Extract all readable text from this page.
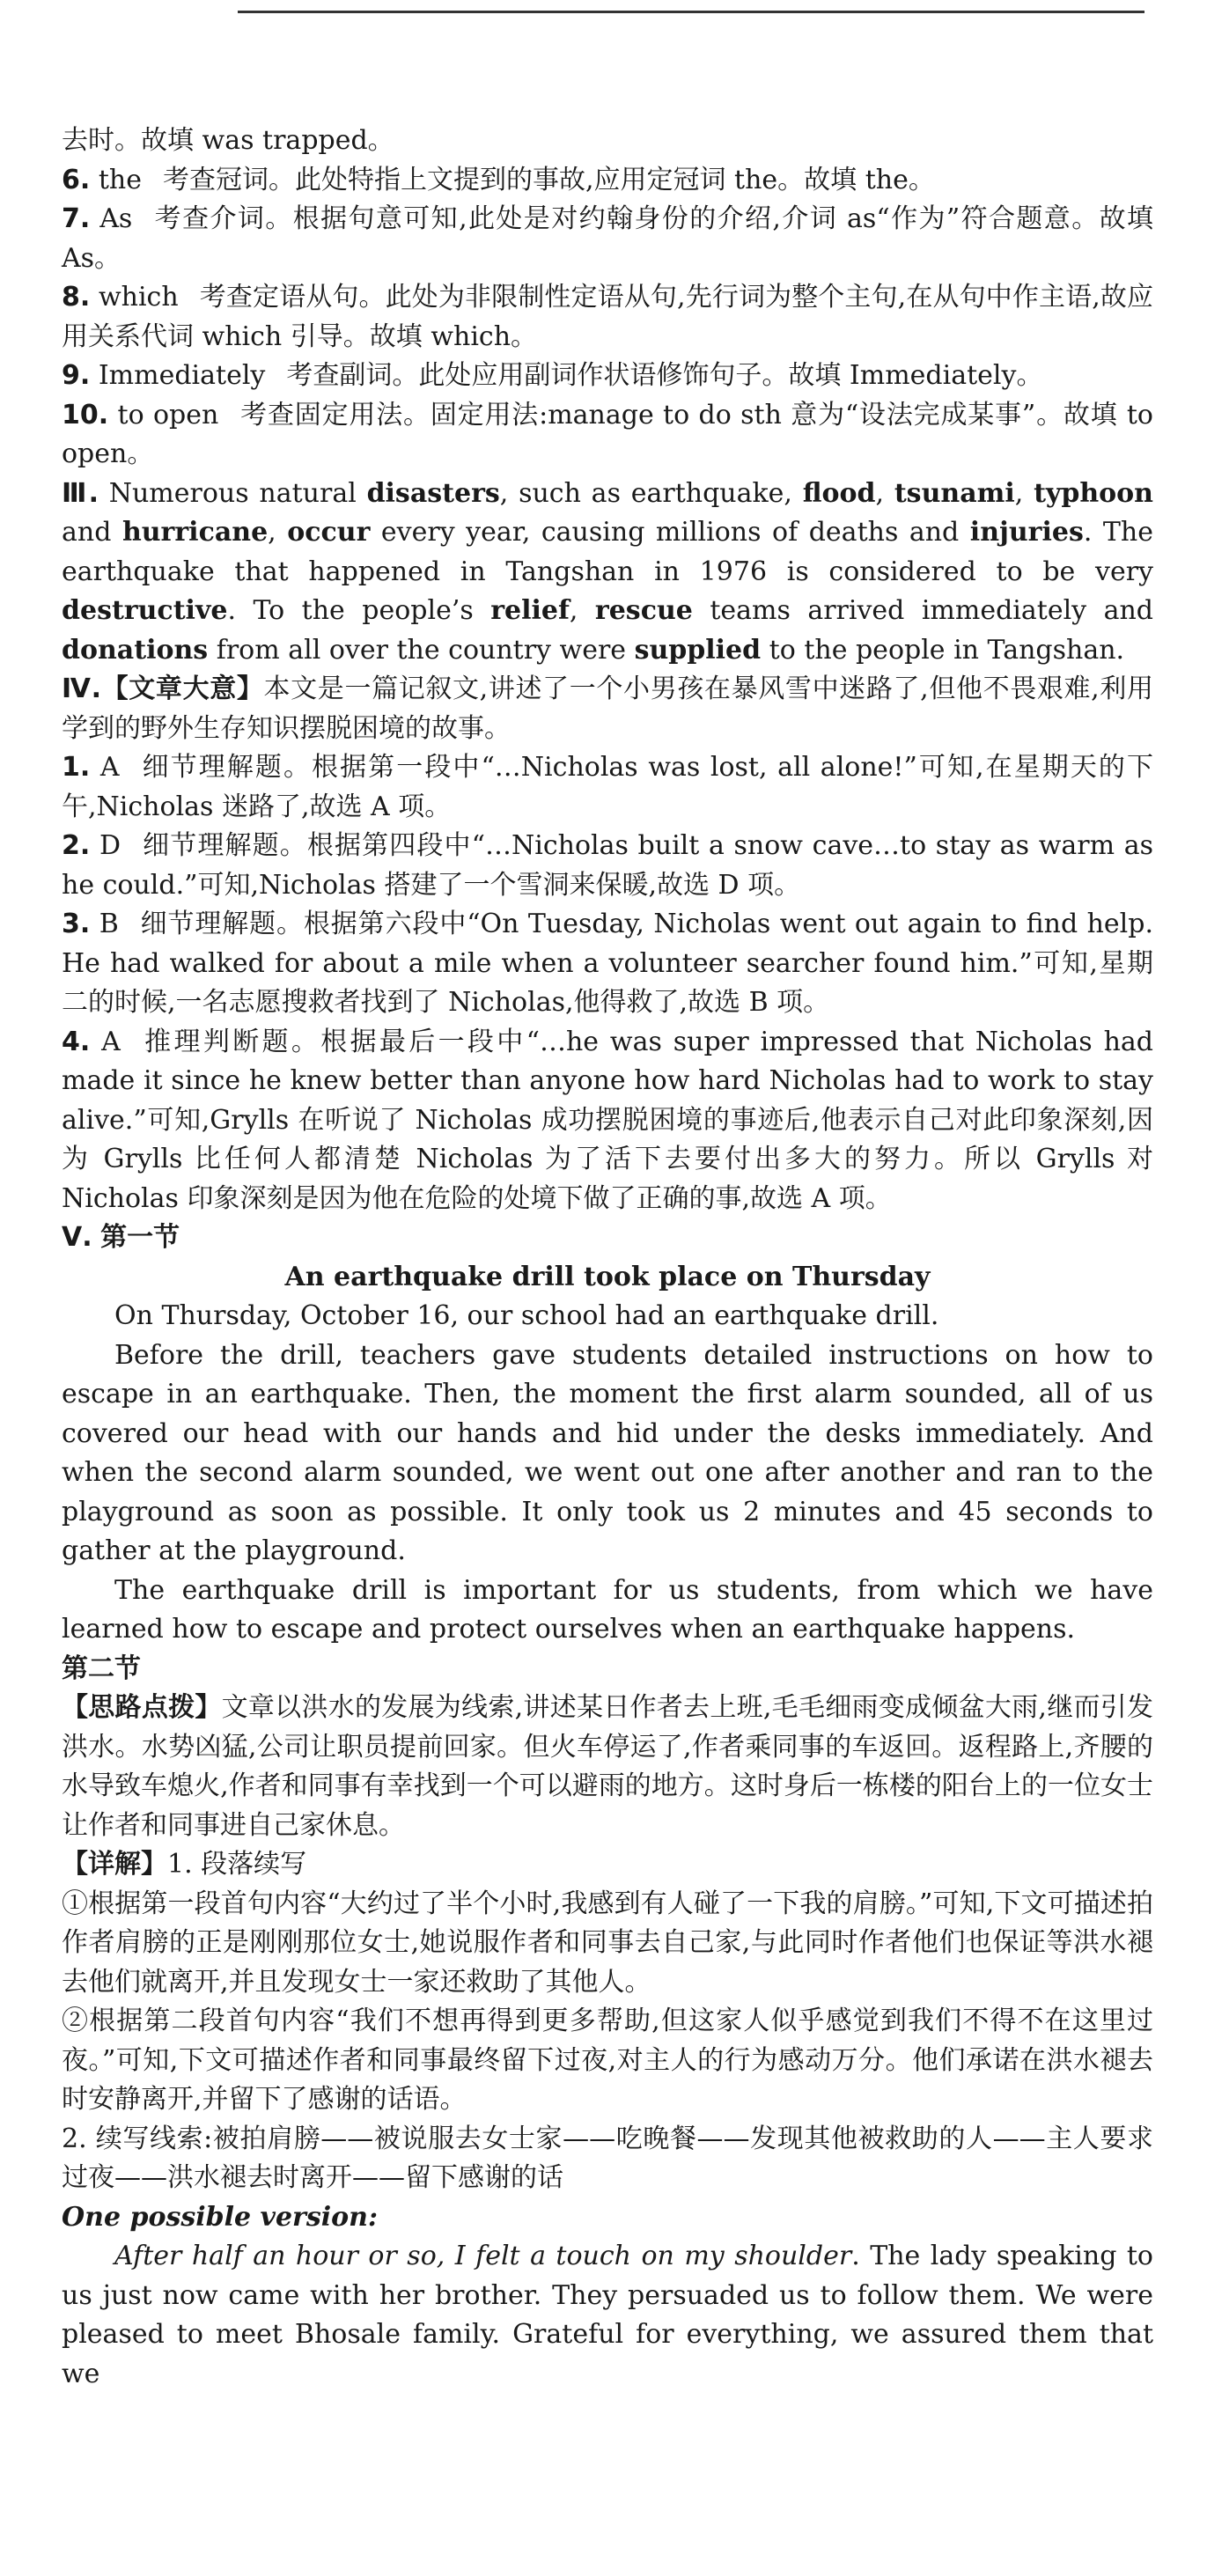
去时。故填 was trapped。

6. the 考查冠词。此处特指上文提到的事故,应用定冠词 the。故填 the。

7. As 考查介词。根据句意可知,此处是对约翰身份的介绍,介词 as“作为”符合题意。故填 As。

8. which 考查定语从句。此处为非限制性定语从句,先行词为整个主句,在从句中作主语,故应用关系代词 which 引导。故填 which。

9. Immediately 考查副词。此处应用副词作状语修饰句子。故填 Immediately。

10. to open 考查固定用法。固定用法:manage to do sth 意为“设法完成某事”。故填 to open。

Ⅲ. Numerous natural disasters, such as earthquake, flood, tsunami, typhoon and hurricane, occur every year, causing millions of deaths and injuries. The earthquake that happened in Tangshan in 1976 is considered to be very destructive. To the people’s relief, rescue teams arrived immediately and donations from all over the country were supplied to the people in Tangshan.

Ⅳ.【文章大意】本文是一篇记叙文,讲述了一个小男孩在暴风雪中迷路了,但他不畏艰难,利用学到的野外生存知识摆脱困境的故事。

1. A 细节理解题。根据第一段中“…Nicholas was lost, all alone!”可知,在星期天的下午,Nicholas 迷路了,故选 A 项。

2. D 细节理解题。根据第四段中“…Nicholas built a snow cave…to stay as warm as he could.”可知,Nicholas 搭建了一个雪洞来保暖,故选 D 项。

3. B 细节理解题。根据第六段中“On Tuesday, Nicholas went out again to find help. He had walked for about a mile when a volunteer searcher found him.”可知,星期二的时候,一名志愿搜救者找到了 Nicholas,他得救了,故选 B 项。

4. A 推理判断题。根据最后一段中“…he was super impressed that Nicholas had made it since he knew better than anyone how hard Nicholas had to work to stay alive.”可知,Grylls 在听说了 Nicholas 成功摆脱困境的事迹后,他表示自己对此印象深刻,因为 Grylls 比任何人都清楚 Nicholas 为了活下去要付出多大的努力。所以 Grylls 对 Nicholas 印象深刻是因为他在危险的处境下做了正确的事,故选 A 项。

Ⅴ. 第一节

An earthquake drill took place on Thursday

On Thursday, October 16, our school had an earthquake drill.

Before the drill, teachers gave students detailed instructions on how to escape in an earthquake. Then, the moment the first alarm sounded, all of us covered our head with our hands and hid under the desks immediately. And when the second alarm sounded, we went out one after another and ran to the playground as soon as possible. It only took us 2 minutes and 45 seconds to gather at the playground.

The earthquake drill is important for us students, from which we have learned how to escape and protect ourselves when an earthquake happens.

第二节

【思路点拨】文章以洪水的发展为线索,讲述某日作者去上班,毛毛细雨变成倾盆大雨,继而引发洪水。水势凶猛,公司让职员提前回家。但火车停运了,作者乘同事的车返回。返程路上,齐腰的水导致车熄火,作者和同事有幸找到一个可以避雨的地方。这时身后一栋楼的阳台上的一位女士让作者和同事进自己家休息。

【详解】1. 段落续写

①根据第一段首句内容“大约过了半个小时,我感到有人碰了一下我的肩膀。”可知,下文可描述拍作者肩膀的正是刚刚那位女士,她说服作者和同事去自己家,与此同时作者他们也保证等洪水褪去他们就离开,并且发现女士一家还救助了其他人。

②根据第二段首句内容“我们不想再得到更多帮助,但这家人似乎感觉到我们不得不在这里过夜。”可知,下文可描述作者和同事最终留下过夜,对主人的行为感动万分。他们承诺在洪水褪去时安静离开,并留下了感谢的话语。

2. 续写线索:被拍肩膀——被说服去女士家——吃晚餐——发现其他被救助的人——主人要求过夜——洪水褪去时离开——留下感谢的话

One possible version:

After half an hour or so, I felt a touch on my shoulder. The lady speaking to us just now came with her brother. They persuaded us to follow them. We were pleased to meet Bhosale family. Grateful for everything, we assured them that we
